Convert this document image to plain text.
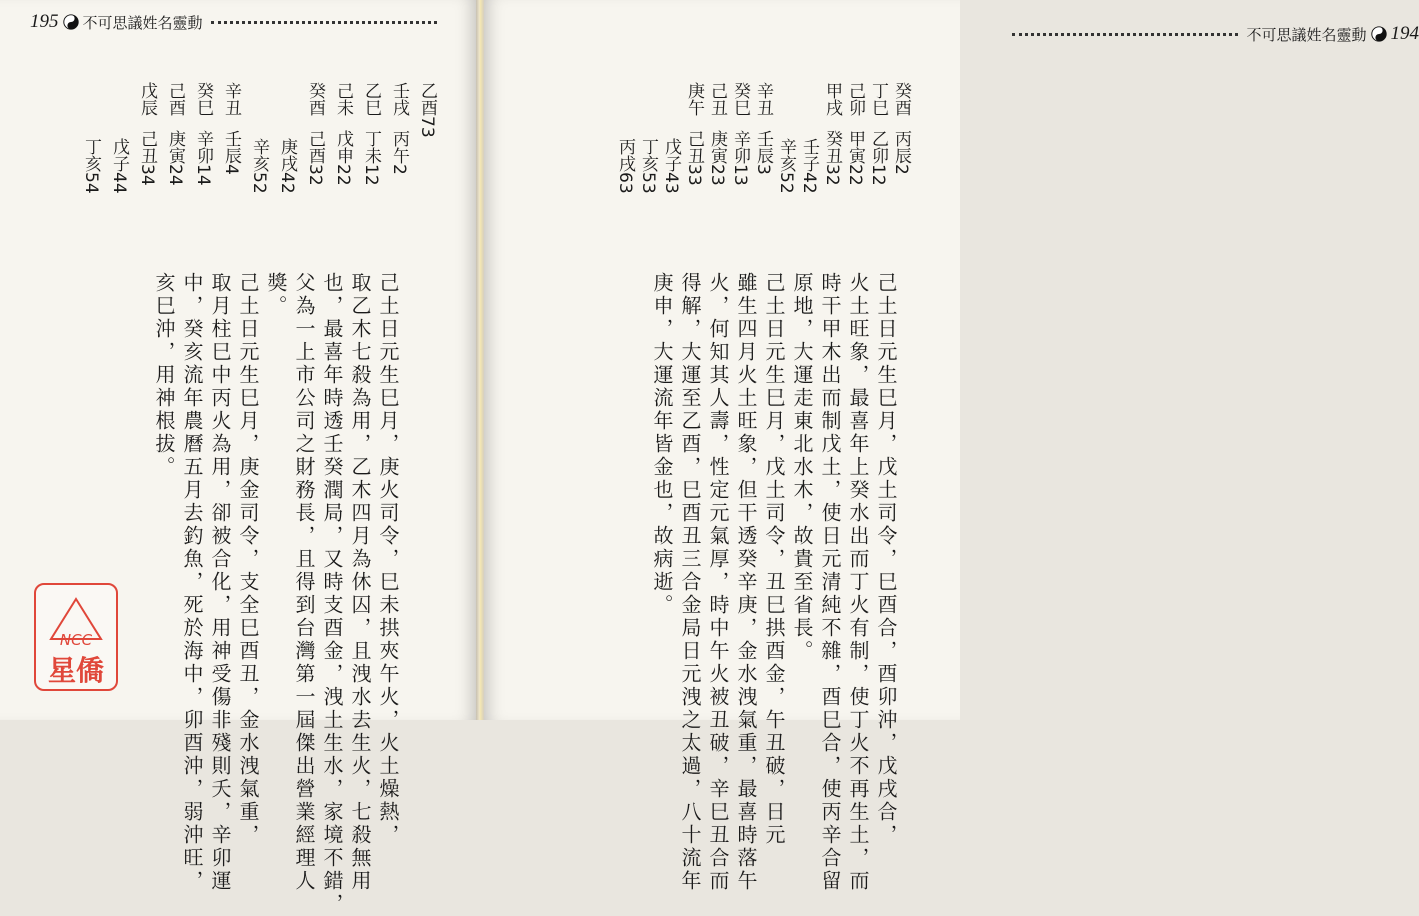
195 不可思議姓名靈動
乙酉73
壬戌丙午2
乙巳丁未12
己未戊申22
癸酉己酉32
庚戌42
辛亥52
辛丑壬辰4
癸巳辛卯14
己酉庚寅24
戊辰己丑34
戊子44
丁亥54
己土日元生巳月，庚火司令，巳未拱夾午火，火土燥熱，
取乙木七殺為用，乙木四月為休囚，且洩水去生火，七殺無用
也，最喜年時透壬癸潤局，又時支酉金，洩土生水，家境不錯，
父為一上市公司之財務長，且得到台灣第一屆傑出營業經理人
獎。
己土日元生巳月，庚金司令，支全巳酉丑，金水洩氣重，
取月柱巳中丙火為用，卻被合化，用神受傷非殘則夭，辛卯運
中，癸亥流年農曆五月去釣魚，死於海中，卯酉沖，弱沖旺，
亥巳沖，用神根拔。
NCC
星僑
不可思議姓名靈動 194
癸酉丙辰2
丁巳乙卯12
己卯甲寅22
甲戌癸丑32
壬子42
辛亥52
辛丑壬辰3
癸巳辛卯13
己丑庚寅23
庚午己丑33
戊子43
丁亥53
丙戌63
己土日元生巳月，戊土司令，巳酉合，酉卯沖，戊戌合，
火土旺象，最喜年上癸水出而丁火有制，使丁火不再生土，而
時干甲木出而制戊土，使日元清純不雜，酉巳合，使丙辛合留
原地，大運走東北水木，故貴至省長。
己土日元生巳月，戊土司令，丑巳拱酉金，午丑破，日元
雖生四月火土旺象，但干透癸辛庚，金水洩氣重，最喜時落午
火，何知其人壽，性定元氣厚，時中午火被丑破，辛巳丑合而
得解，大運至乙酉，巳酉丑三合金局日元洩之太過，八十流年
庚申，大運流年皆金也，故病逝。
